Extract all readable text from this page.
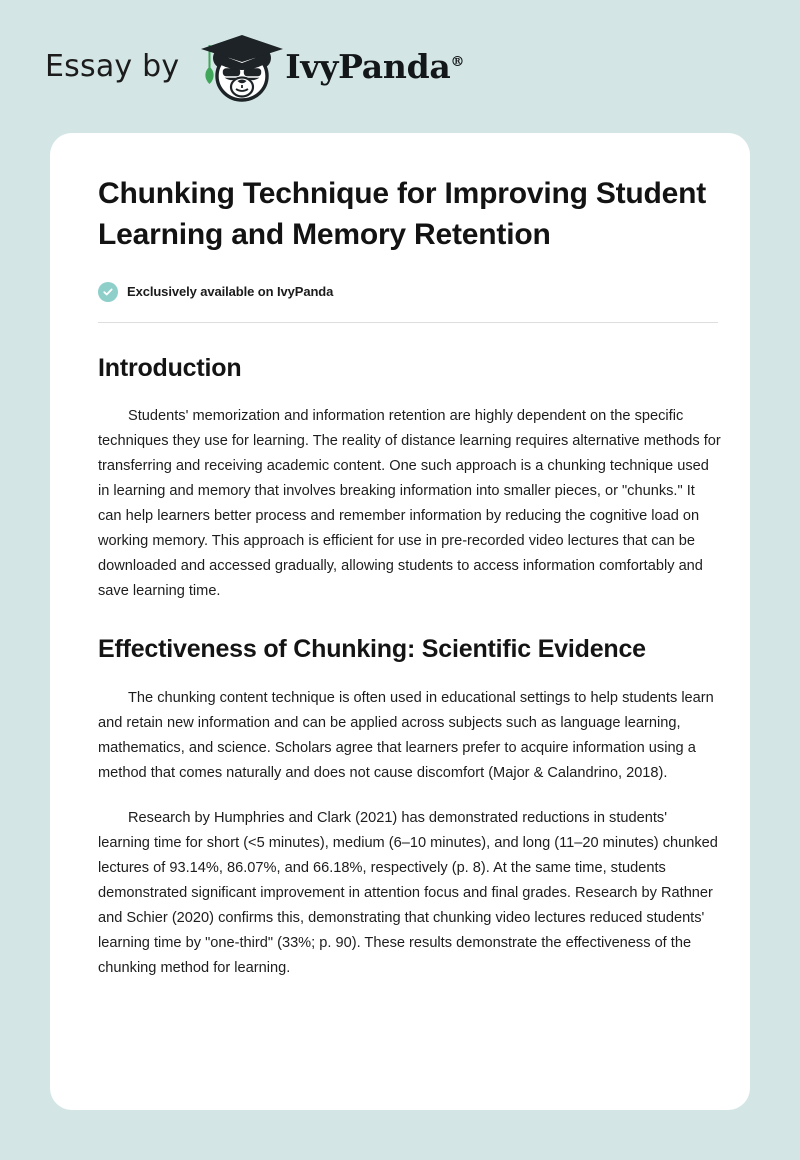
Essay by	IvyPanda®
Chunking Technique for Improving Student Learning and Memory Retention
Exclusively available on IvyPanda
Introduction

Students' memorization and information retention are highly dependent on the specific techniques they use for learning. The reality of distance learning requires alternative methods for transferring and receiving academic content. One such approach is a chunking technique used in learning and memory that involves breaking information into smaller pieces, or "chunks." It can help learners better process and remember information by reducing the cognitive load on working memory. This approach is efficient for use in pre-recorded video lectures that can be downloaded and accessed gradually, allowing students to access information comfortably and save learning time.

Effectiveness of Chunking: Scientific Evidence

The chunking content technique is often used in educational settings to help students learn and retain new information and can be applied across subjects such as language learning, mathematics, and science. Scholars agree that learners prefer to acquire information using a method that comes naturally and does not cause discomfort (Major & Calandrino, 2018).

Research by Humphries and Clark (2021) has demonstrated reductions in students' learning time for short (<5 minutes), medium (6–10 minutes), and long (11–20 minutes) chunked lectures of 93.14%, 86.07%, and 66.18%, respectively (p. 8). At the same time, students demonstrated significant improvement in attention focus and final grades. Research by Rathner and Schier (2020) confirms this, demonstrating that chunking video lectures reduced students' learning time by "one-third" (33%; p. 90). These results demonstrate the effectiveness of the chunking method for learning.
